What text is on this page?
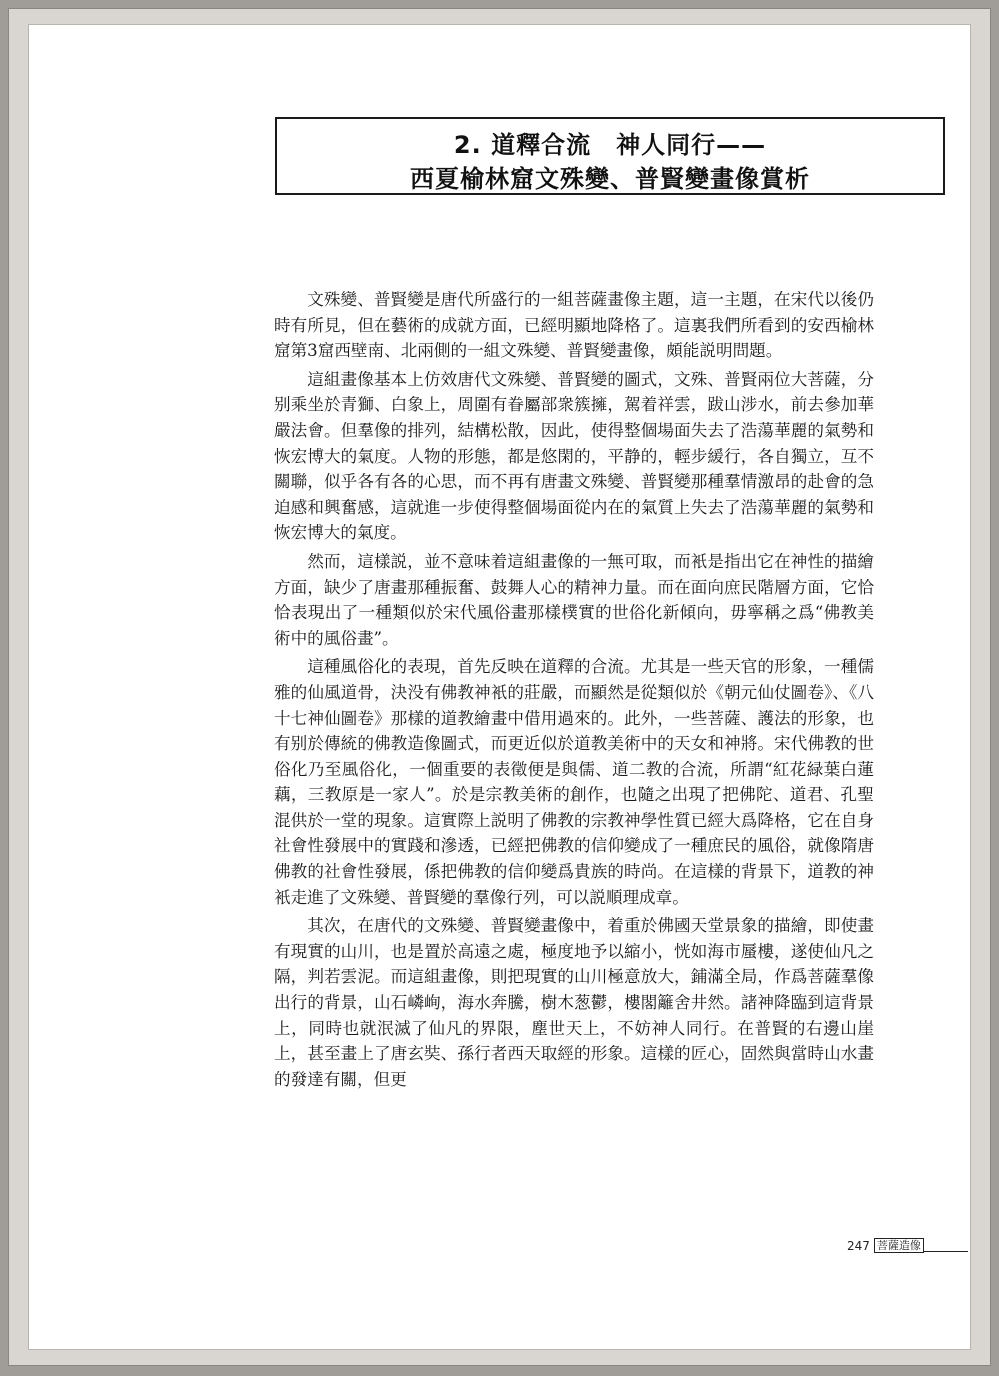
2. 道釋合流　神人同行——
西夏榆林窟文殊變、普賢變畫像賞析

文殊變、普賢變是唐代所盛行的一組菩薩畫像主題，這一主題，在宋代以後仍時有所見，但在藝術的成就方面，已經明顯地降格了。這裏我們所看到的安西榆林窟第3窟西壁南、北兩側的一組文殊變、普賢變畫像，頗能説明問題。

這組畫像基本上仿效唐代文殊變、普賢變的圖式，文殊、普賢兩位大菩薩，分别乘坐於青獅、白象上，周圍有眷屬部衆簇擁，駕着祥雲，跋山涉水，前去參加華嚴法會。但羣像的排列，結構松散，因此，使得整個場面失去了浩蕩華麗的氣勢和恢宏博大的氣度。人物的形態，都是悠閑的，平静的，輕步緩行，各自獨立，互不關聯，似乎各有各的心思，而不再有唐畫文殊變、普賢變那種羣情激昂的赴會的急迫感和興奮感，這就進一步使得整個場面從内在的氣質上失去了浩蕩華麗的氣勢和恢宏博大的氣度。

然而，這樣説，並不意味着這組畫像的一無可取，而衹是指出它在神性的描繪方面，缺少了唐畫那種振奮、鼓舞人心的精神力量。而在面向庶民階層方面，它恰恰表現出了一種類似於宋代風俗畫那樣樸實的世俗化新傾向，毋寧稱之爲“佛教美術中的風俗畫”。

這種風俗化的表現，首先反映在道釋的合流。尤其是一些天官的形象，一種儒雅的仙風道骨，決没有佛教神衹的莊嚴，而顯然是從類似於《朝元仙仗圖卷》、《八十七神仙圖卷》那樣的道教繪畫中借用過來的。此外，一些菩薩、護法的形象，也有别於傳統的佛教造像圖式，而更近似於道教美術中的天女和神將。宋代佛教的世俗化乃至風俗化，一個重要的表徵便是與儒、道二教的合流，所謂“紅花緑葉白蓮藕，三教原是一家人”。於是宗教美術的創作，也隨之出現了把佛陀、道君、孔聖混供於一堂的現象。這實際上説明了佛教的宗教神學性質已經大爲降格，它在自身社會性發展中的實踐和滲透，已經把佛教的信仰變成了一種庶民的風俗，就像隋唐佛教的社會性發展，係把佛教的信仰變爲貴族的時尚。在這樣的背景下，道教的神衹走進了文殊變、普賢變的羣像行列，可以説順理成章。

其次，在唐代的文殊變、普賢變畫像中，着重於佛國天堂景象的描繪，即使畫有現實的山川，也是置於高遠之處，極度地予以縮小，恍如海市蜃樓，遂使仙凡之隔，判若雲泥。而這組畫像，則把現實的山川極意放大，鋪滿全局，作爲菩薩羣像出行的背景，山石嶙峋，海水奔騰，樹木葱鬱，樓閣籬舍井然。諸神降臨到這背景上，同時也就泯滅了仙凡的界限，塵世天上，不妨神人同行。在普賢的右邊山崖上，甚至畫上了唐玄奘、孫行者西天取經的形象。這樣的匠心，固然與當時山水畫的發達有關，但更

247 菩薩造像
